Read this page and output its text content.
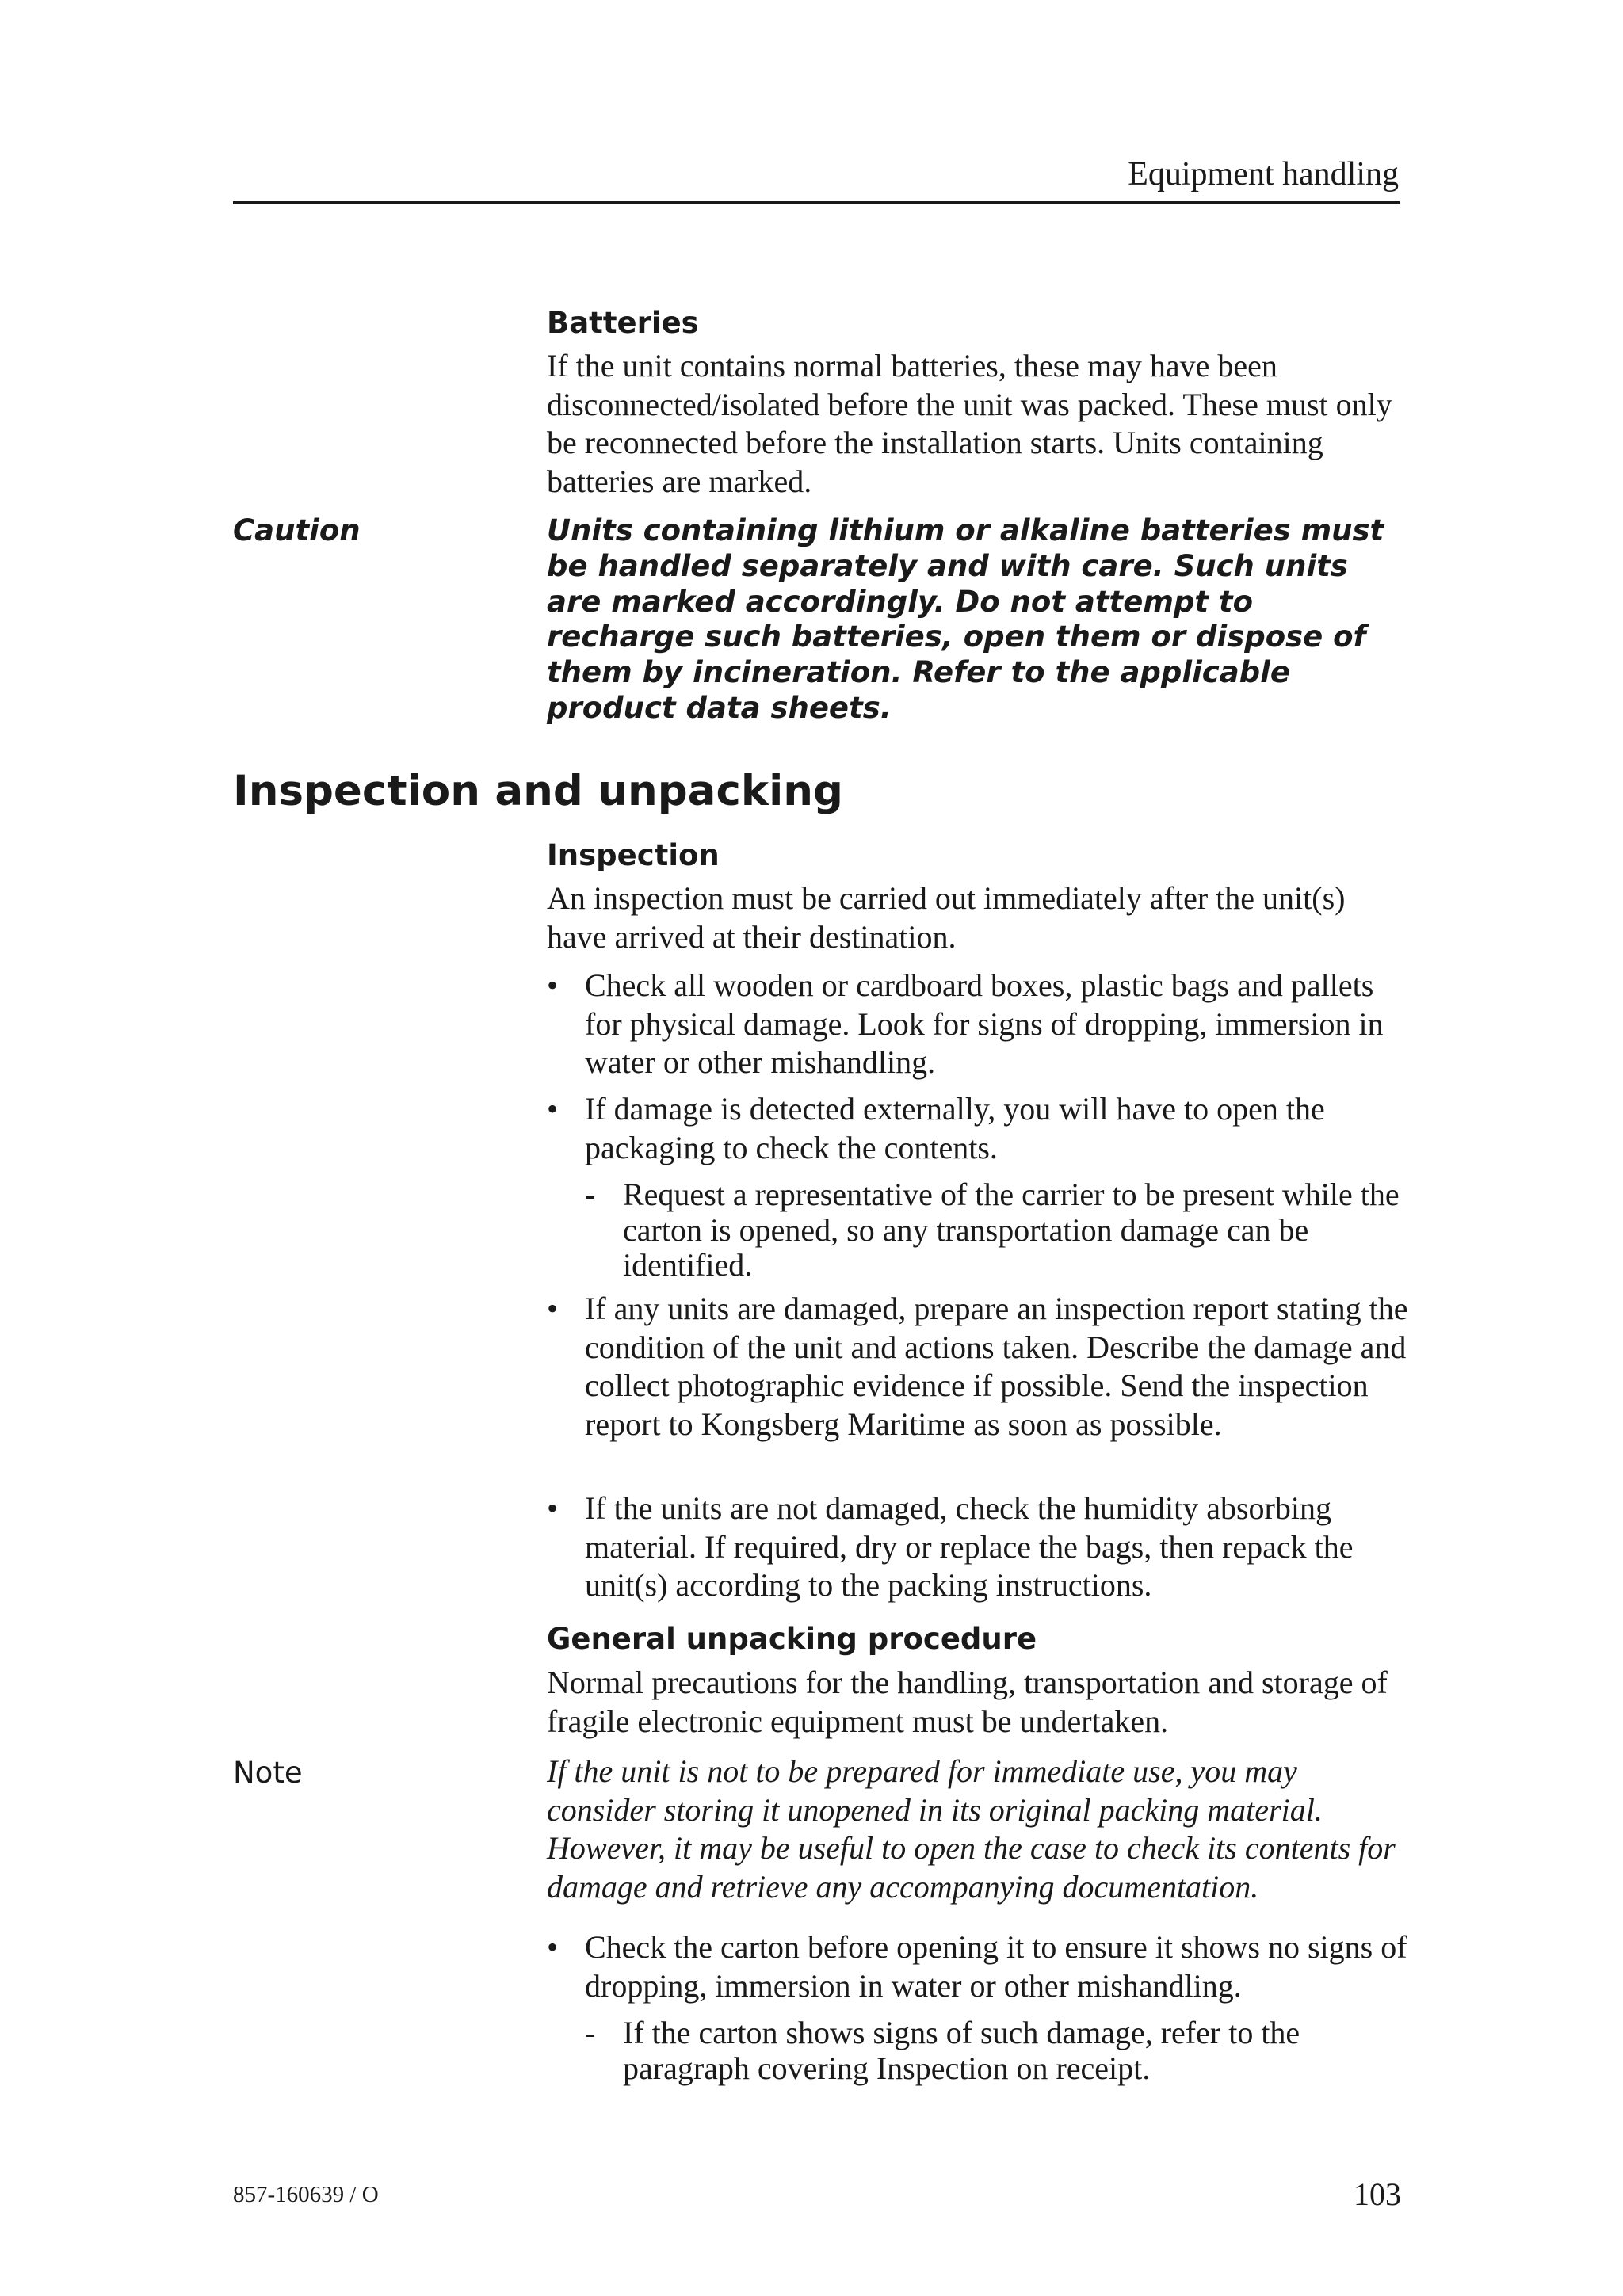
Equipment handling
Batteries
If the unit contains normal batteries, these may have been disconnected/isolated before the unit was packed. These must only be reconnected before the installation starts. Units containing batteries are marked.
Caution	Units containing lithium or alkaline batteries must be handled separately and with care. Such units are marked accordingly. Do not attempt to recharge such batteries, open them or dispose of them by incineration. Refer to the applicable product data sheets.
Inspection and unpacking
Inspection
An inspection must be carried out immediately after the unit(s) have arrived at their destination.
• Check all wooden or cardboard boxes, plastic bags and pallets for physical damage. Look for signs of dropping, immersion in water or other mishandling.
• If damage is detected externally, you will have to open the packaging to check the contents.
- Request a representative of the carrier to be present while the carton is opened, so any transportation damage can be identified.
• If any units are damaged, prepare an inspection report stating the condition of the unit and actions taken. Describe the damage and collect photographic evidence if possible. Send the inspection report to Kongsberg Maritime as soon as possible.
• If the units are not damaged, check the humidity absorbing material. If required, dry or replace the bags, then repack the unit(s) according to the packing instructions.
General unpacking procedure
Normal precautions for the handling, transportation and storage of fragile electronic equipment must be undertaken.
Note	If the unit is not to be prepared for immediate use, you may consider storing it unopened in its original packing material. However, it may be useful to open the case to check its contents for damage and retrieve any accompanying documentation.
• Check the carton before opening it to ensure it shows no signs of dropping, immersion in water or other mishandling.
- If the carton shows signs of such damage, refer to the paragraph covering Inspection on receipt.
857-160639 / O	103
